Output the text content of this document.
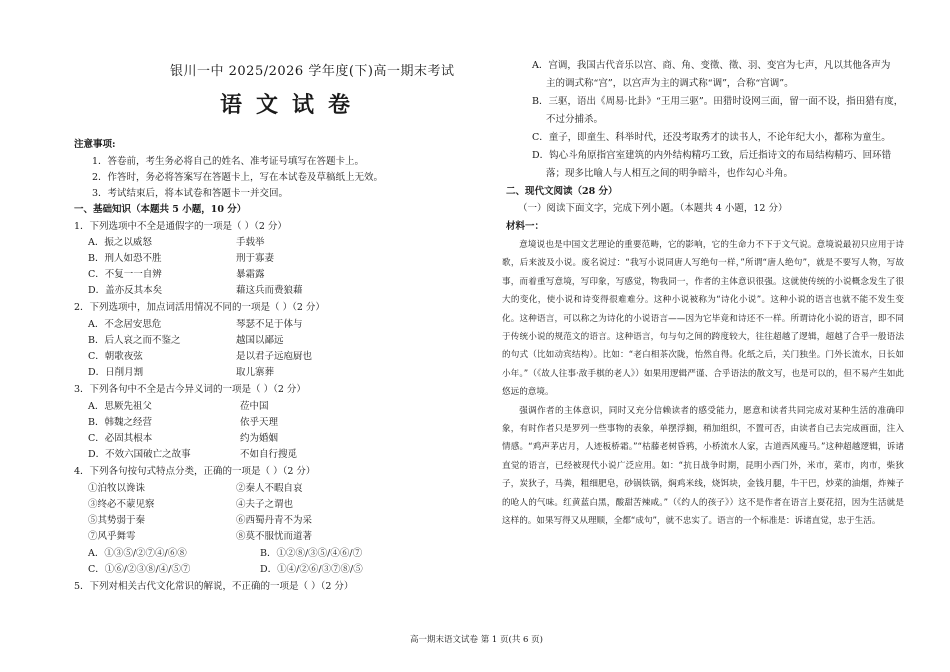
银川一中 2025/2026 学年度(下)高一期末考试
语文试卷
注意事项:
1．答卷前，考生务必将自己的姓名、准考证号填写在答题卡上。
2．作答时，务必将答案写在答题卡上，写在本试卷及草稿纸上无效。
3．考试结束后，将本试卷和答题卡一并交回。
一、基础知识（本题共 5 小题，10 分）
1．下列选项中不全是通假字的一项是（ ）（2 分）
A．振之以威怒	手载举
B．刑人如恐不胜	刑于寡妻
C．不复一一自辨	暴霜露
D．盖亦反其本矣	藉这兵而费狼藉
2．下列选项中，加点词活用情况不同的一项是（ ）（2 分）
A．不念居安思危	琴瑟不足于体与
B．后人哀之而不鉴之	越国以鄙远
C．朝歌夜弦	是以君子远庖厨也
D．日削月割	取儿寨葬
3．下列各句中不全是古今异义词的一项是（ ）（2 分）
A．思厥先祖父	莅中国
B．韩魏之经营	依乎天理
C．必固其根本	约为婚姻
D．不效六国破亡之故事	不如自行搜觅
4．下列各句按句式特点分类，正确的一项是（ ）（2 分）
①泊牧以谗诛	②秦人不暇自哀
③终必不蒙见察	④夫子之谓也
⑤其势弱于秦	⑥西蜀丹青不为采
⑦风乎舞雩	⑧莫不服忧而道著
A．①③⑤/②⑦④/⑥⑧	B．①②⑧/③⑤/④⑥/⑦
C．①⑥/②③⑧/④/⑤⑦	D．①④/②⑥/③⑦⑧/⑤
5．下列对相关古代文化常识的解说，不正确的一项是（ ）（2 分）
A．宫调，我国古代音乐以宫、商、角、变徵、徵、羽、变宫为七声，凡以其他各声为
主的调式称“宫”，以宫声为主的调式称“调”，合称“宫调”。
B．三驱，语出《周易·比卦》“王用三驱”。田猎时设网三面，留一面不设，指田猎有度，
不过分捕杀。
C．童子，即童生、科举时代，还没考取秀才的读书人，不论年纪大小，都称为童生。
D．钩心斗角原指宫室建筑的内外结构精巧工致，后迁指诗文的布局结构精巧、回环错
落；现多比喻人与人相互之间的明争暗斗，也作勾心斗角。
二、现代文阅读（28 分）
（一）阅读下面文字，完成下列小题。（本题共 4 小题，12 分）
材料一：

意境说也是中国文艺理论的重要范畴，它的影响，它的生命力不下于文气说。意境说最初只应用于诗歌，后来波及小说。废名说过：“我写小说同唐人写绝句一样，”所谓“唐人绝句”，就是不要写人物，写故事，而着重写意境，写印象，写感觉，物我同一，作者的主体意识很强。这就使传统的小说概念发生了很大的变化，使小说和诗变得很难难分。这种小说被称为“诗化小说”。这种小说的语言也就不能不发生变化。这种语言，可以称之为诗化的小说语言——因为它毕竟和诗还不一样。所谓诗化小说的语言，即不同于传统小说的规范文的语言。这种语言，句与句之间的跨度较大，往往超越了逻辑，超越了合乎一般语法的句式（比如动宾结构）。比如：“老白相茶次陇，怡然自得。化纸之后，关门独坐。门外长流水，日长如小年。”（《故人往事·敌手棋的老人》）如果用逻辑严谨、合乎语法的散文写，也是可以的，但不易产生如此悠远的意境。

强调作者的主体意识，同时又充分信赖读者的感受能力，愿意和读者共同完成对某种生活的准确印象，有时作者只是罗列一些事物的表象，单摆浮搁，稍加组织，不置可否，由读者自己去完成画面，注入情感。“鸡声茅店月，人迹板桥霜。”“枯藤老树昏鸦，小桥流水人家，古道西风瘦马。”这种超越逻辑，诉诸直觉的语言，已经被现代小说广泛应用。如：“抗日战争时期，昆明小西门外，米市，菜市，肉市，柴狄子，炭狄子，马粪，粗细肥皂，砂锅铁锅，焖鸡米线，烧饵块，金钱月腿，牛干巴，炒菜的油烟，炸辣子的呛人的气味。红黄蓝白黑，酸甜苦辣咸。”（《约人的孩子》）这不是作者在语言上耍花招，因为生活就是这样的。如果写得又从理顺，全都“成句”，就不忠实了。语言的一个标准是：诉诸直觉，忠于生活。

高一期末语文试卷 第 1 页(共 6 页)
